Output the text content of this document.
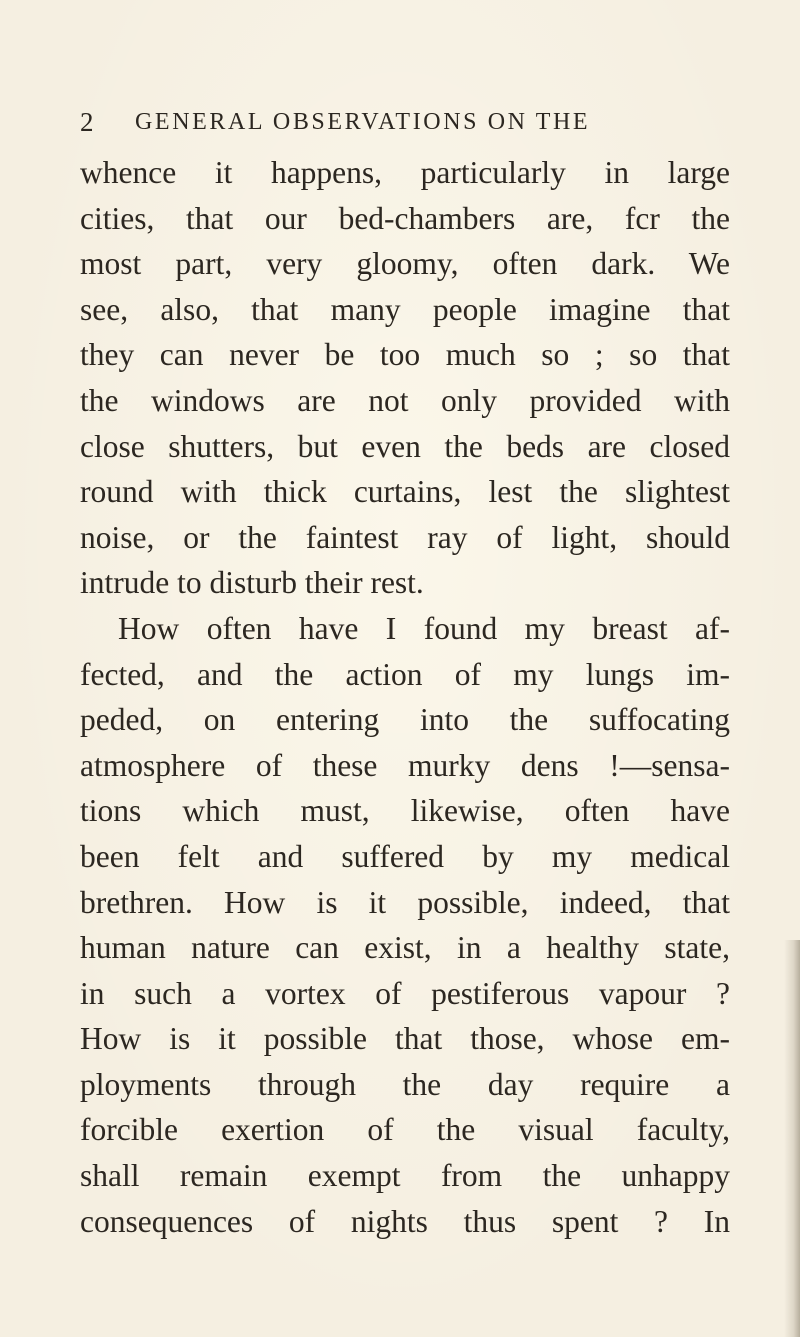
2 GENERAL OBSERVATIONS ON THE
whence it happens, particularly in large
cities, that our bed-chambers are, fcr the
most part, very gloomy, often dark. We
see, also, that many people imagine that
they can never be too much so ; so that
the windows are not only provided with
close shutters, but even the beds are closed
round with thick curtains, lest the slightest
noise, or the faintest ray of light, should
intrude to disturb their rest.
How often have I found my breast af-
fected, and the action of my lungs im-
peded, on entering into the suffocating
atmosphere of these murky dens !—sensa-
tions which must, likewise, often have
been felt and suffered by my medical
brethren. How is it possible, indeed, that
human nature can exist, in a healthy state,
in such a vortex of pestiferous vapour ?
How is it possible that those, whose em-
ployments through the day require a
forcible exertion of the visual faculty,
shall remain exempt from the unhappy
consequences of nights thus spent ? In
